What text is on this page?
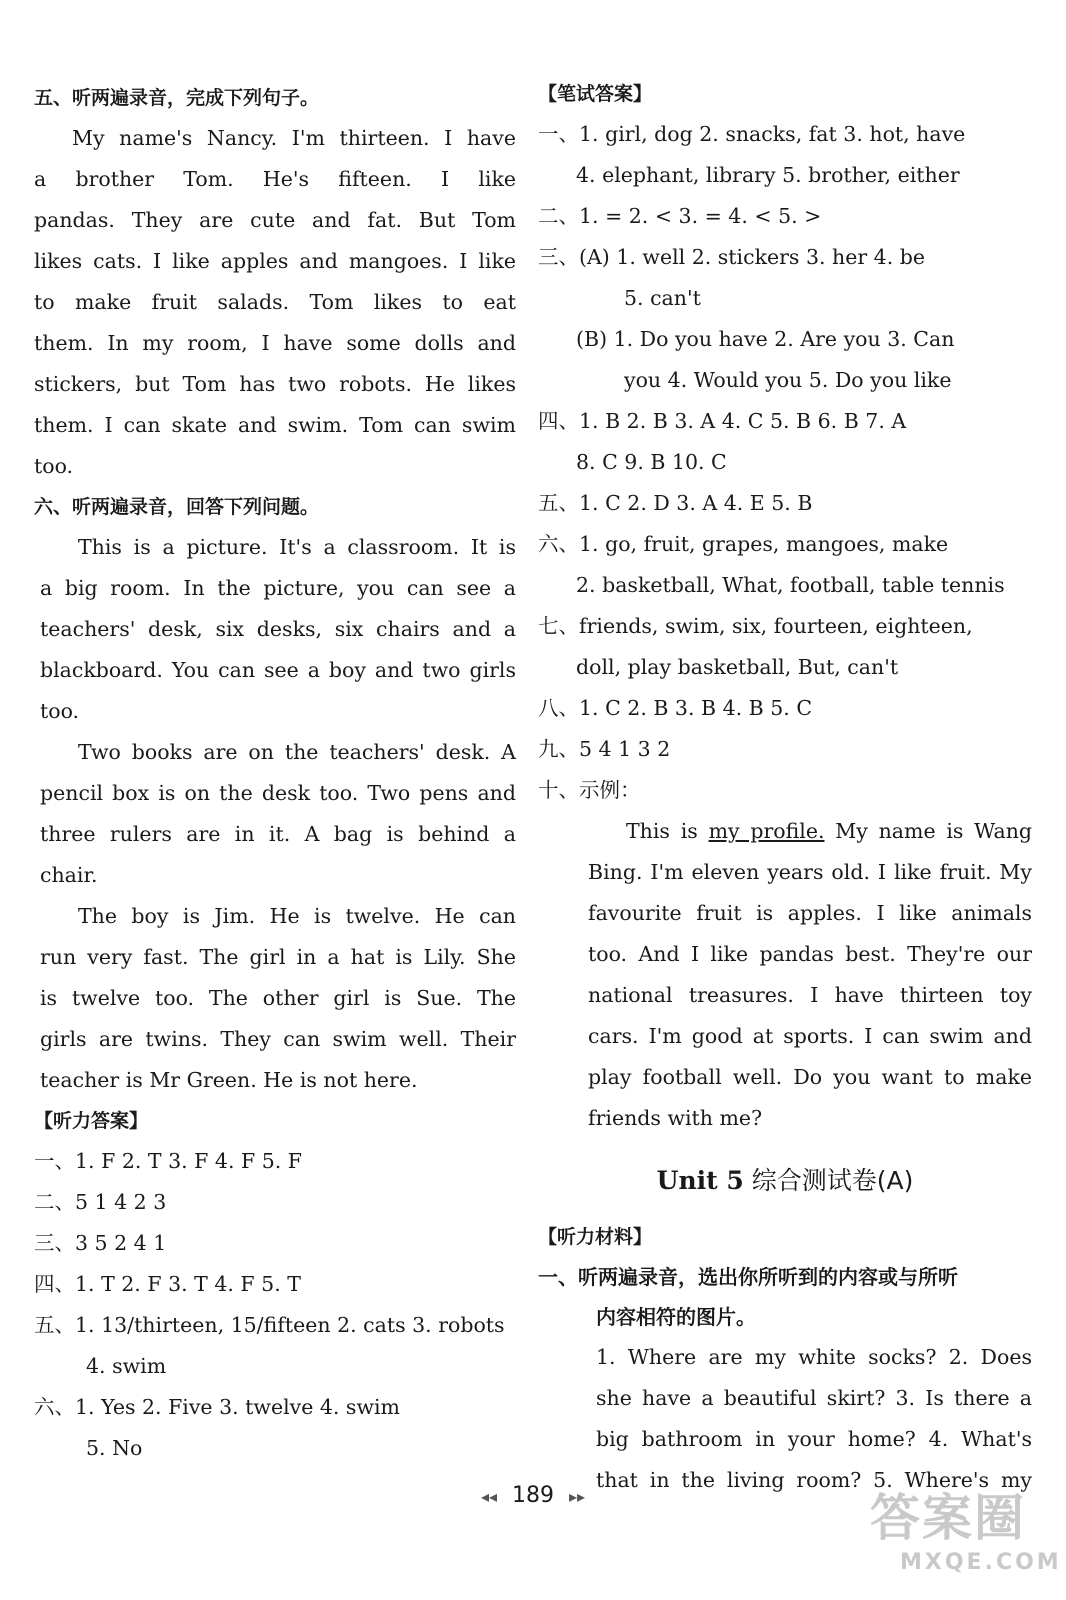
五、听两遍录音，完成下列句子。
My name's Nancy. I'm thirteen. I have
a brother Tom. He's fifteen. I like
pandas. They are cute and fat. But Tom
likes cats. I like apples and mangoes. I like
to make fruit salads. Tom likes to eat
them. In my room, I have some dolls and
stickers, but Tom has two robots. He likes
them. I can skate and swim. Tom can swim
too.
六、听两遍录音，回答下列问题。
This is a picture. It's a classroom. It is
a big room. In the picture, you can see a
teachers' desk, six desks, six chairs and a
blackboard. You can see a boy and two girls
too.
Two books are on the teachers' desk. A
pencil box is on the desk too. Two pens and
three rulers are in it. A bag is behind a
chair.
The boy is Jim. He is twelve. He can
run very fast. The girl in a hat is Lily. She
is twelve too. The other girl is Sue. The
girls are twins. They can swim well. Their
teacher is Mr Green. He is not here.
【听力答案】
一、1. F 2. T 3. F 4. F 5. F
二、5 1 4 2 3
三、3 5 2 4 1
四、1. T 2. F 3. T 4. F 5. T
五、1. 13/thirteen, 15/fifteen 2. cats 3. robots
4. swim
六、1. Yes 2. Five 3. twelve 4. swim
5. No
【笔试答案】
一、1. girl, dog 2. snacks, fat 3. hot, have
4. elephant, library 5. brother, either
二、1. = 2. < 3. = 4. < 5. >
三、(A) 1. well 2. stickers 3. her 4. be
5. can't
(B) 1. Do you have 2. Are you 3. Can
you 4. Would you 5. Do you like
四、1. B 2. B 3. A 4. C 5. B 6. B 7. A
8. C 9. B 10. C
五、1. C 2. D 3. A 4. E 5. B
六、1. go, fruit, grapes, mangoes, make
2. basketball, What, football, table tennis
七、friends, swim, six, fourteen, eighteen,
doll, play basketball, But, can't
八、1. C 2. B 3. B 4. B 5. C
九、5 4 1 3 2
十、示例：
This is my profile. My name is Wang
Bing. I'm eleven years old. I like fruit. My
favourite fruit is apples. I like animals
too. And I like pandas best. They're our
national treasures. I have thirteen toy
cars. I'm good at sports. I can swim and
play football well. Do you want to make
friends with me?
Unit 5 综合测试卷(A)
【听力材料】
一、听两遍录音，选出你所听到的内容或与所听
内容相符的图片。
1. Where are my white socks? 2. Does
she have a beautiful skirt? 3. Is there a
big bathroom in your home? 4. What's
that in the living room? 5. Where's my
◂◂ 189 ▸▸	答案圈
MXQE.COM
